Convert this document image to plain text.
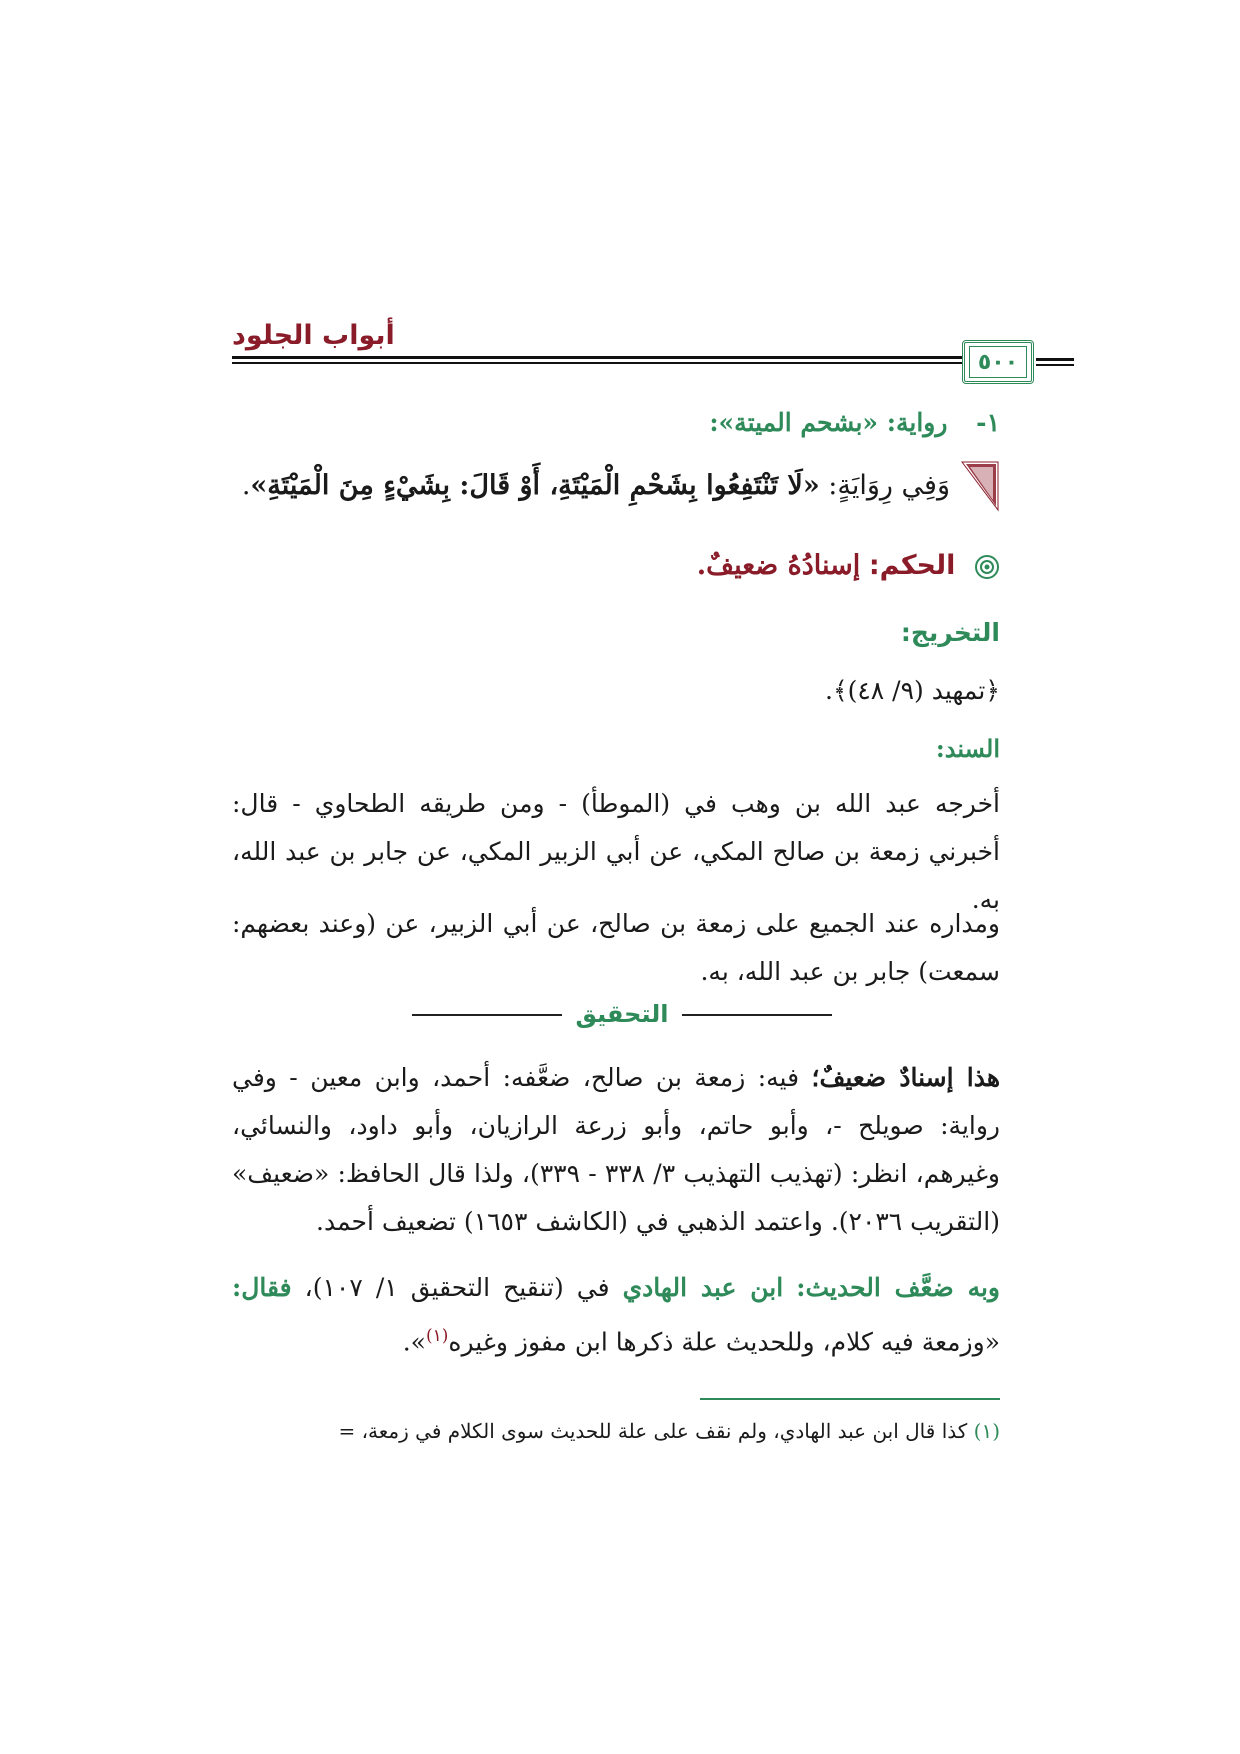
أبواب الجلود
٥٠٠
١- رواية: «بشحم الميتة»:
وَفِي رِوَايَةٍ: «لَا تَنْتَفِعُوا بِشَحْمِ الْمَيْتَةِ، أَوْ قَالَ: بِشَيْءٍ مِنَ الْمَيْتَةِ».
الحكم: إسنادُهُ ضعيفٌ.
التخريج:
﴿تمهيد (٩/ ٤٨)﴾.
السند:
أخرجه عبد الله بن وهب في (الموطأ) - ومن طريقه الطحاوي - قال: أخبرني زمعة بن صالح المكي، عن أبي الزبير المكي، عن جابر بن عبد الله، به.
ومداره عند الجميع على زمعة بن صالح، عن أبي الزبير، عن (وعند بعضهم: سمعت) جابر بن عبد الله، به.
التحقيق
هذا إسنادٌ ضعيفٌ؛ فيه: زمعة بن صالح، ضعَّفه: أحمد، وابن معين - وفي رواية: صويلح -، وأبو حاتم، وأبو زرعة الرازيان، وأبو داود، والنسائي، وغيرهم، انظر: (تهذيب التهذيب ٣/ ٣٣٨ - ٣٣٩)، ولذا قال الحافظ: «ضعيف» (التقريب ٢٠٣٦). واعتمد الذهبي في (الكاشف ١٦٥٣) تضعيف أحمد.
وبه ضعَّف الحديث: ابن عبد الهادي في (تنقيح التحقيق ١/ ١٠٧)، فقال: «وزمعة فيه كلام، وللحديث علة ذكرها ابن مفوز وغيره$^{(١)}$».
(١) كذا قال ابن عبد الهادي، ولم نقف على علة للحديث سوى الكلام في زمعة، =
